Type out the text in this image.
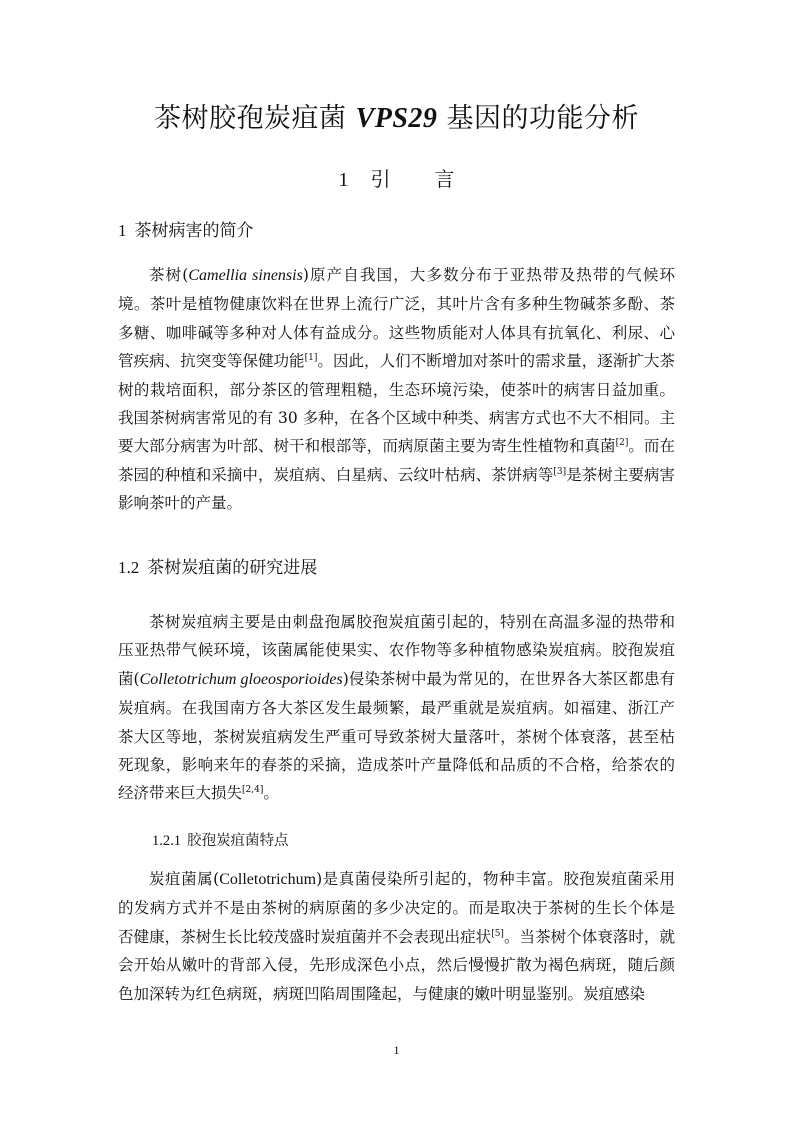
茶树胶孢炭疽菌 VPS29 基因的功能分析
1 引 言
1 茶树病害的简介
茶树(Camellia sinensis)原产自我国，大多数分布于亚热带及热带的气候环境。茶叶是植物健康饮料在世界上流行广泛，其叶片含有多种生物碱茶多酚、茶多糖、咖啡碱等多种对人体有益成分。这些物质能对人体具有抗氧化、利尿、心管疾病、抗突变等保健功能[1]。因此，人们不断增加对茶叶的需求量，逐渐扩大茶树的栽培面积，部分茶区的管理粗糙，生态环境污染，使茶叶的病害日益加重。我国茶树病害常见的有 30 多种，在各个区域中种类、病害方式也不大不相同。主要大部分病害为叶部、树干和根部等，而病原菌主要为寄生性植物和真菌[2]。而在茶园的种植和采摘中，炭疽病、白星病、云纹叶枯病、茶饼病等[3]是茶树主要病害影响茶叶的产量。
1.2 茶树炭疽菌的研究进展
茶树炭疽病主要是由刺盘孢属胶孢炭疽菌引起的，特别在高温多湿的热带和压亚热带气候环境，该菌属能使果实、农作物等多种植物感染炭疽病。胶孢炭疽菌(Colletotrichum gloeosporioides)侵染茶树中最为常见的，在世界各大茶区都患有炭疽病。在我国南方各大茶区发生最频繁，最严重就是炭疽病。如福建、浙江产茶大区等地，茶树炭疽病发生严重可导致茶树大量落叶，茶树个体衰落，甚至枯死现象，影响来年的春茶的采摘，造成茶叶产量降低和品质的不合格，给茶农的经济带来巨大损失[2,4]。
1.2.1 胶孢炭疽菌特点
炭疽菌属(Colletotrichum)是真菌侵染所引起的，物种丰富。胶孢炭疽菌采用的发病方式并不是由茶树的病原菌的多少决定的。而是取决于茶树的生长个体是否健康，茶树生长比较茂盛时炭疽菌并不会表现出症状[5]。当茶树个体衰落时，就会开始从嫩叶的背部入侵，先形成深色小点，然后慢慢扩散为褐色病斑，随后颜色加深转为红色病斑，病斑凹陷周围隆起，与健康的嫩叶明显鉴别。炭疽感染
1
